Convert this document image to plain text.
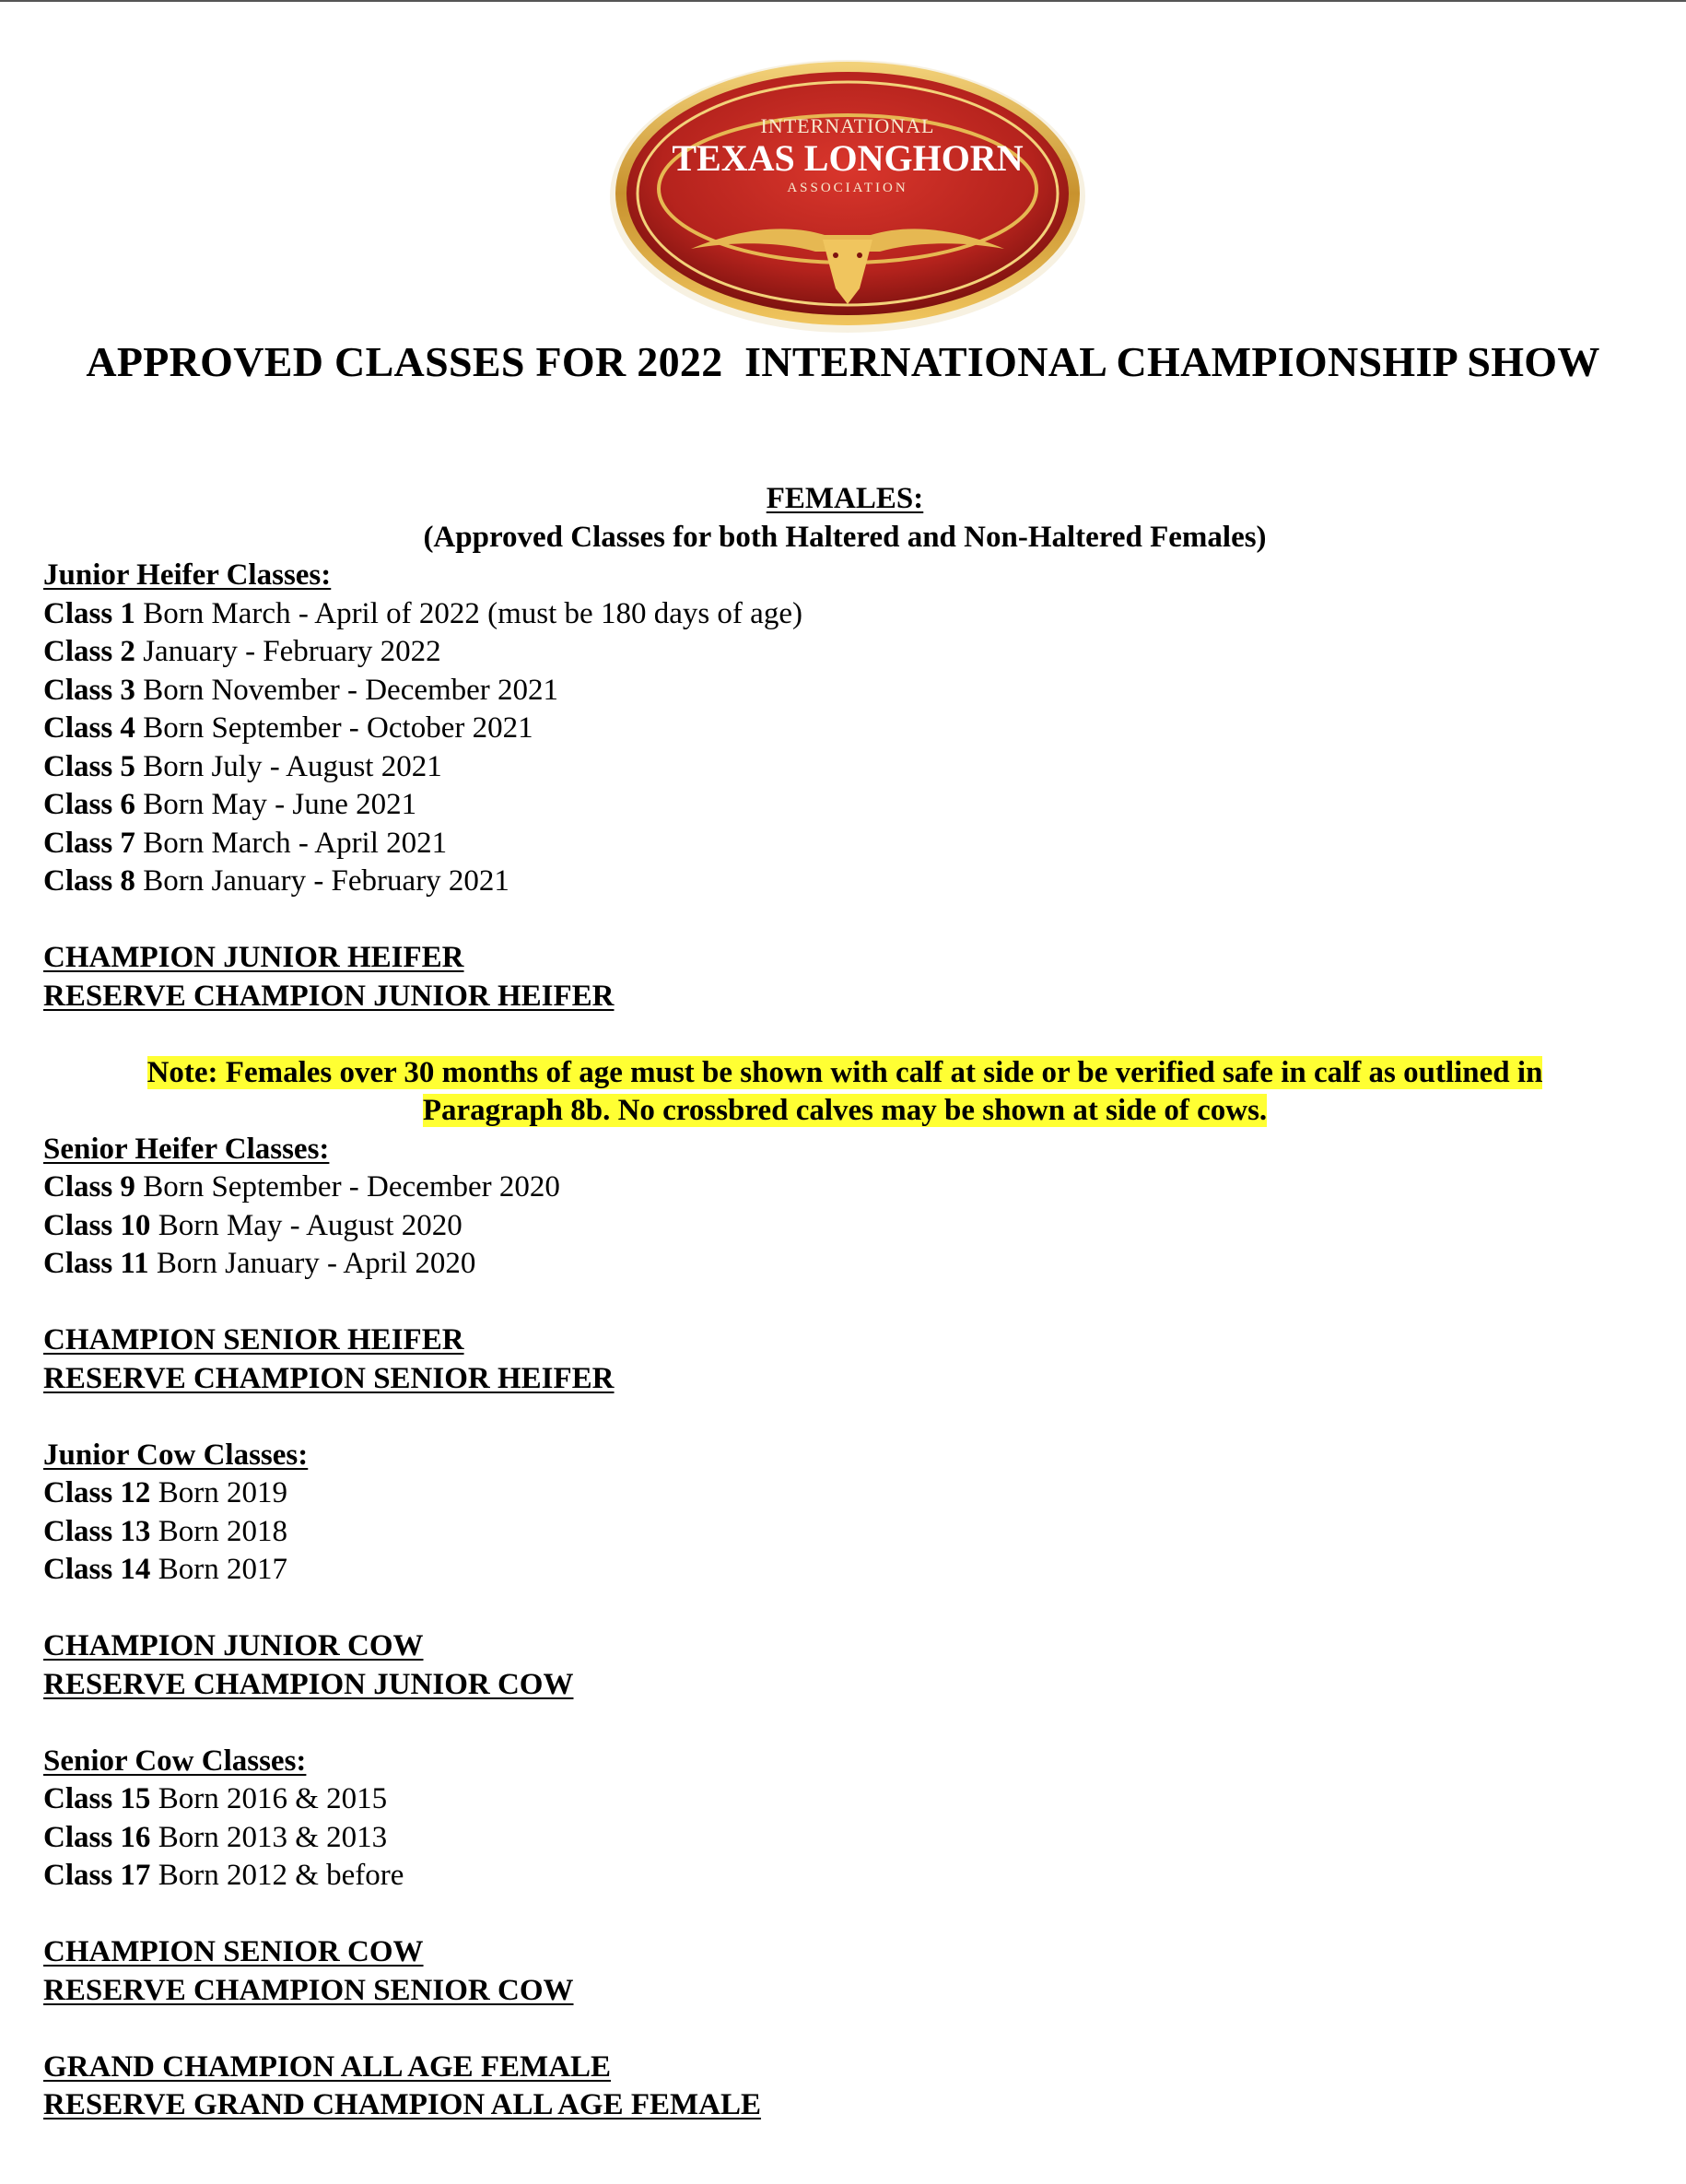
INTERNATIONAL
TEXAS LONGHORN
ASSOCIATION
APPROVED CLASSES FOR 2022  INTERNATIONAL CHAMPIONSHIP SHOW
FEMALES:
(Approved Classes for both Haltered and Non-Haltered Females)
Junior Heifer Classes:
Class 1 Born March - April of 2022 (must be 180 days of age)
Class 2 January - February 2022
Class 3 Born November - December 2021
Class 4 Born September - October 2021
Class 5 Born July - August 2021
Class 6 Born May - June 2021
Class 7 Born March - April 2021
Class 8 Born January - February 2021
CHAMPION JUNIOR HEIFER
RESERVE CHAMPION JUNIOR HEIFER
Note: Females over 30 months of age must be shown with calf at side or be verified safe in calf as outlined in
Paragraph 8b. No crossbred calves may be shown at side of cows.
Senior Heifer Classes:
Class 9 Born September - December 2020
Class 10 Born May - August 2020
Class 11 Born January - April 2020
CHAMPION SENIOR HEIFER
RESERVE CHAMPION SENIOR HEIFER
Junior Cow Classes:
Class 12 Born 2019
Class 13 Born 2018
Class 14 Born 2017
CHAMPION JUNIOR COW
RESERVE CHAMPION JUNIOR COW
Senior Cow Classes:
Class 15 Born 2016 & 2015
Class 16 Born 2013 & 2013
Class 17 Born 2012 & before
CHAMPION SENIOR COW
RESERVE CHAMPION SENIOR COW
GRAND CHAMPION ALL AGE FEMALE
RESERVE GRAND CHAMPION ALL AGE FEMALE
